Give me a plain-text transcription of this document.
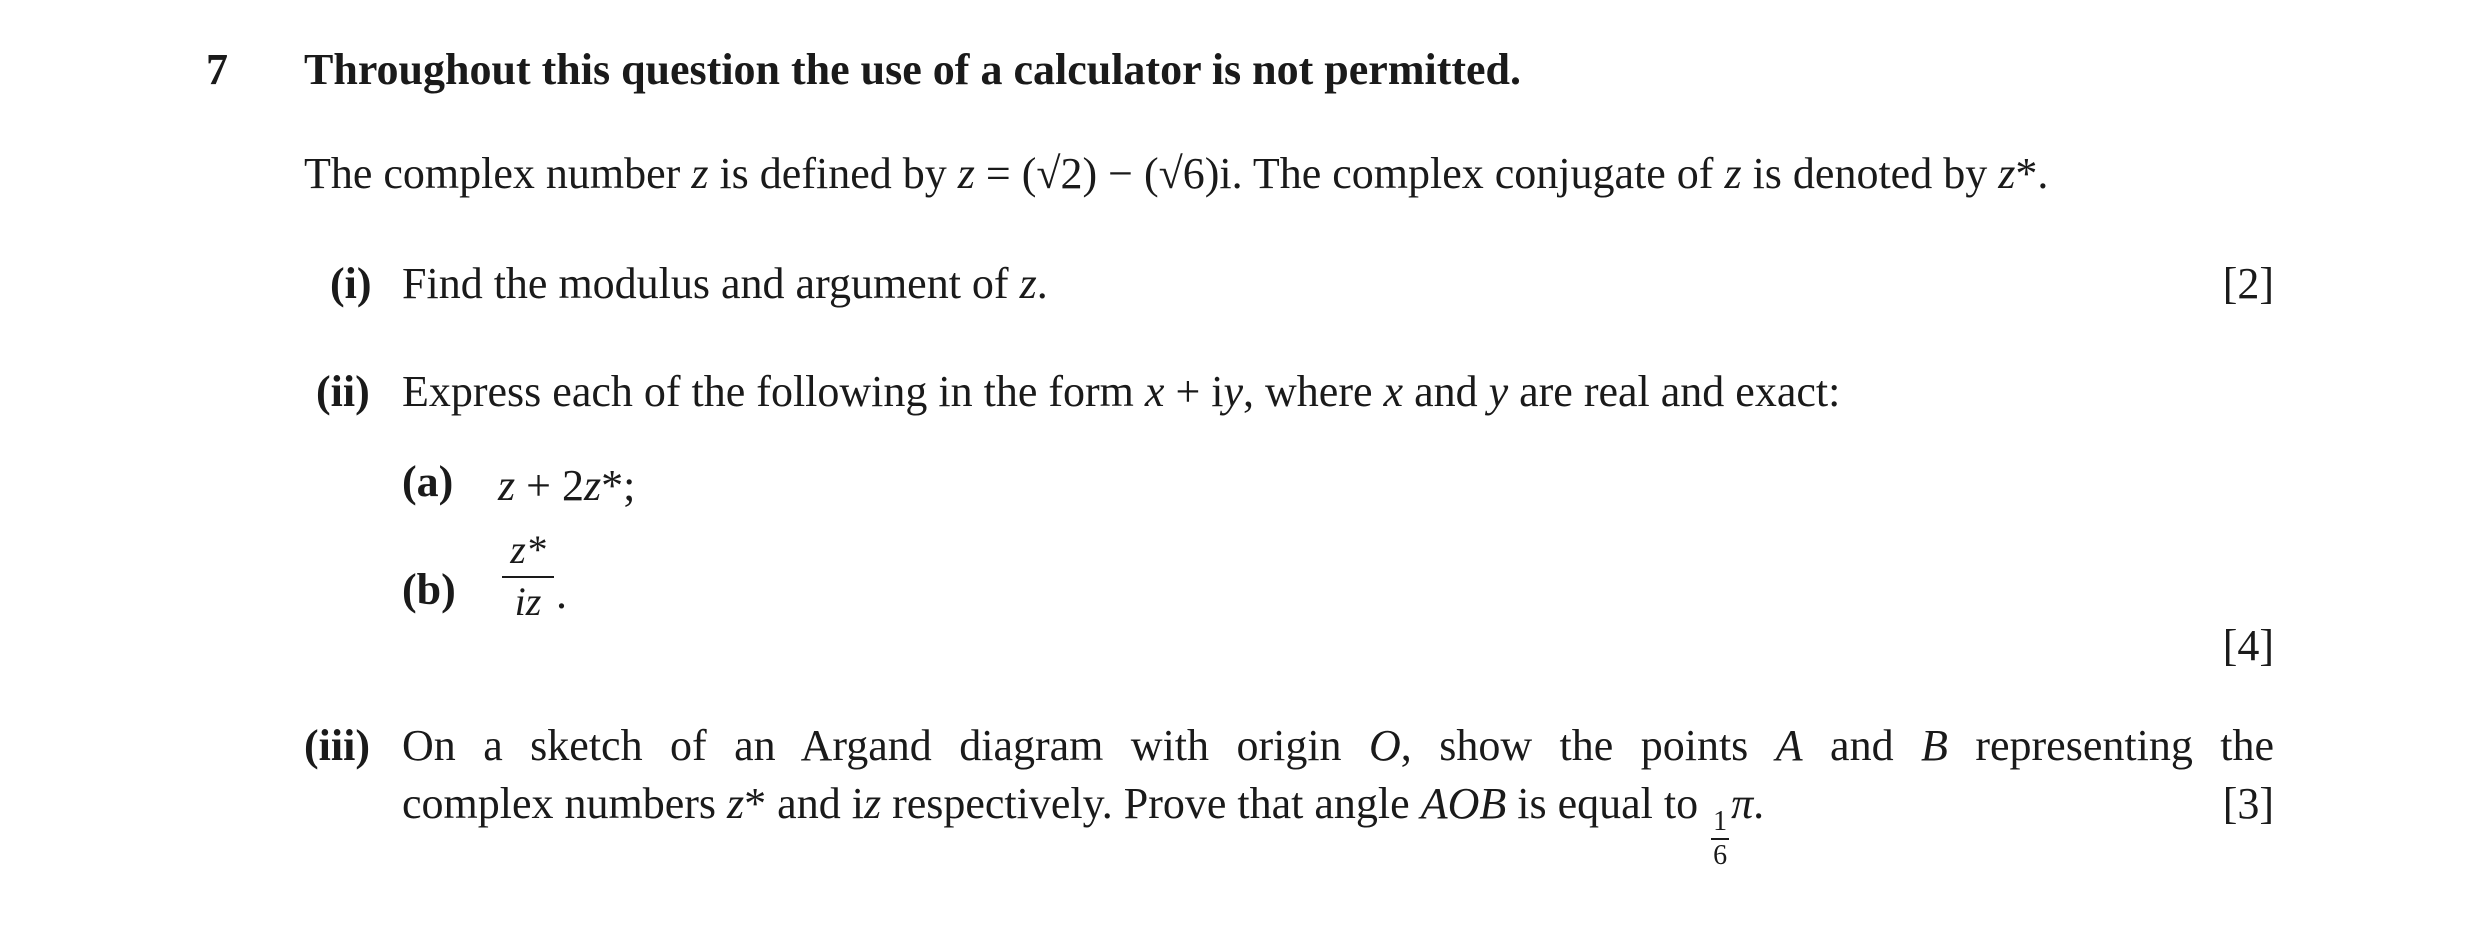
7 Throughout this question the use of a calculator is not permitted.
The complex number z is defined by z = (√2) − (√6)i. The complex conjugate of z is denoted by z*.
(i) Find the modulus and argument of z.	[2]
(ii) Express each of the following in the form x + iy, where x and y are real and exact:
(a) z + 2z*;
(b)
z*
iz .
[4]
(iii) On a sketch of an Argand diagram with origin O, show the points A and B representing the
complex numbers z* and iz respectively. Prove that angle AOB is equal to
$\frac{1}{6}$
π.	[3]
